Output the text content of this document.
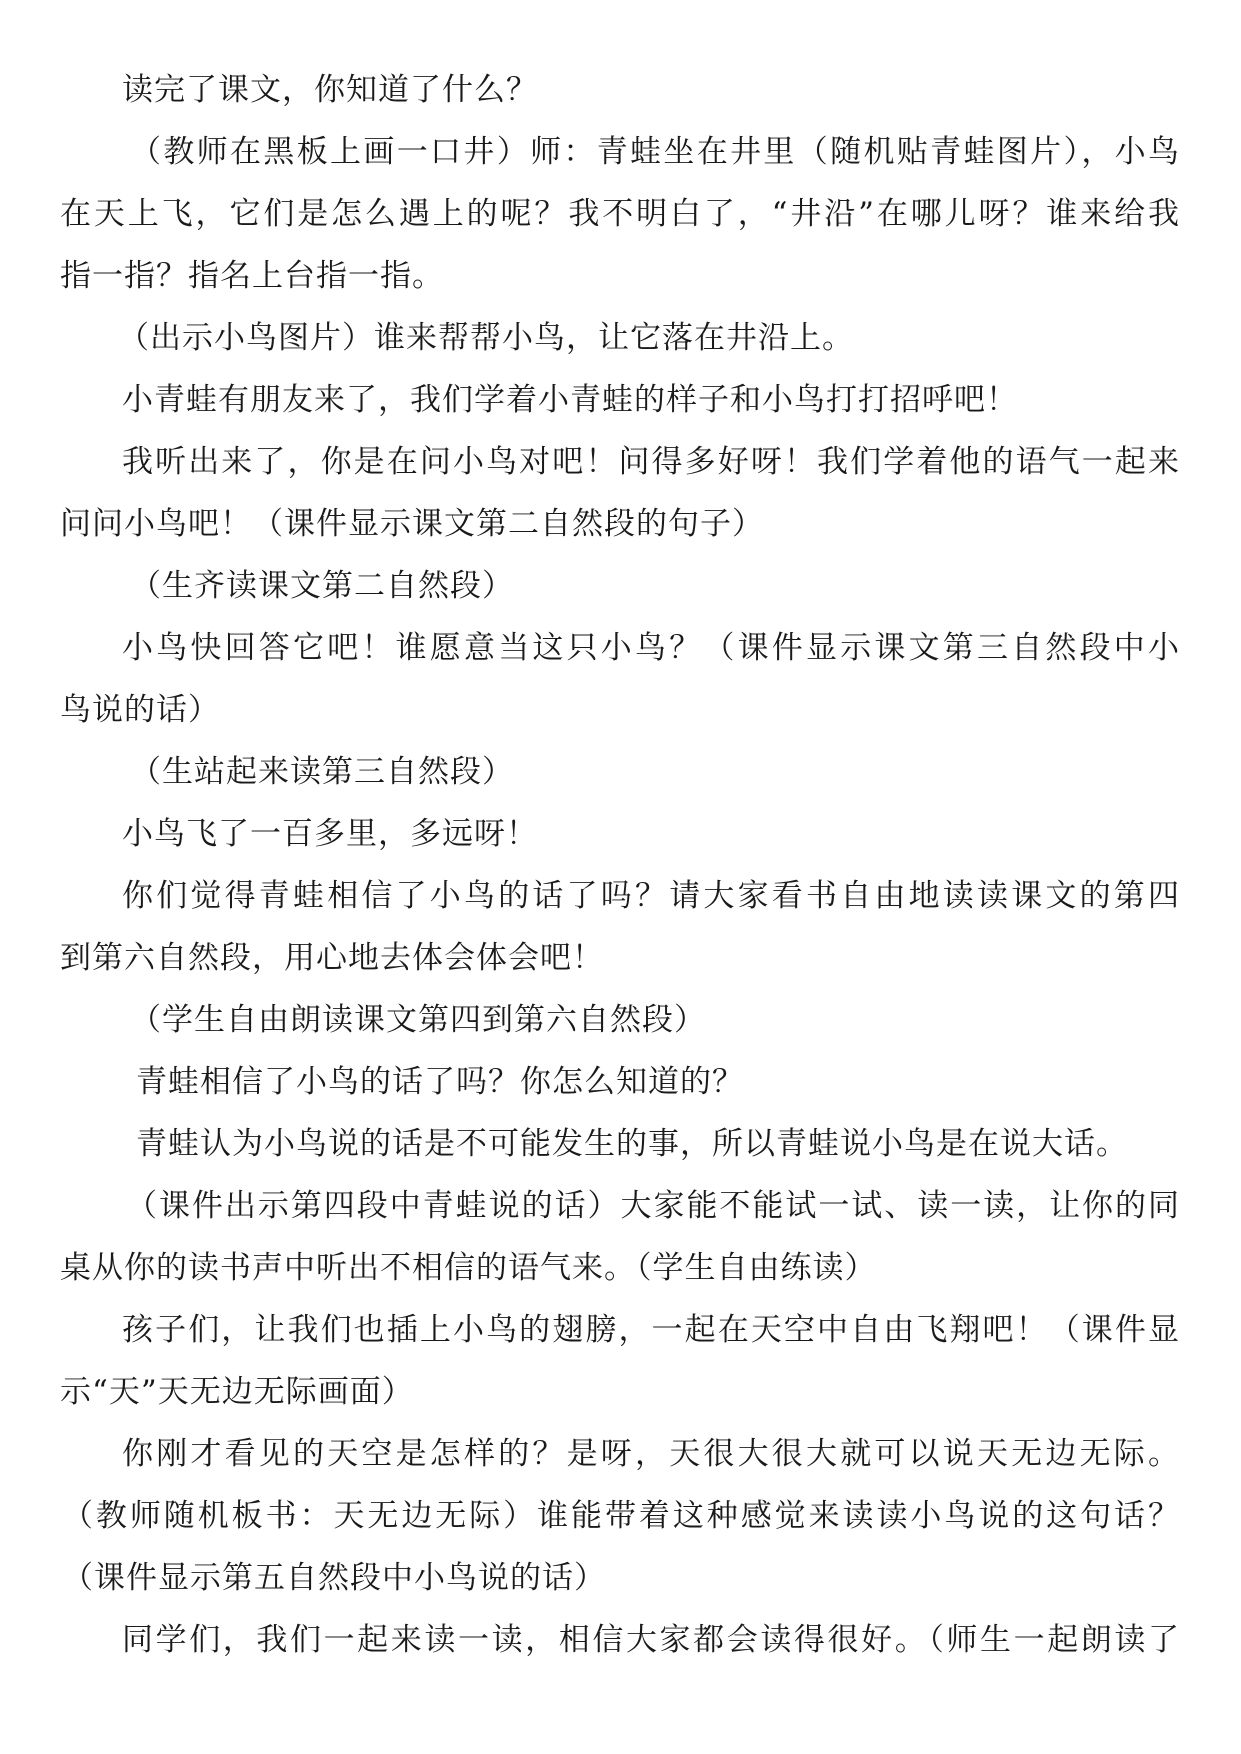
读完了课文，你知道了什么？
（教师在黑板上画一口井）师：青蛙坐在井里（随机贴青蛙图片），小鸟
在天上飞，它们是怎么遇上的呢？我不明白了，“井沿”在哪儿呀？谁来给我
指一指？指名上台指一指。
（出示小鸟图片）谁来帮帮小鸟，让它落在井沿上。
小青蛙有朋友来了，我们学着小青蛙的样子和小鸟打打招呼吧！
我听出来了，你是在问小鸟对吧！问得多好呀！我们学着他的语气一起来
问问小鸟吧！（课件显示课文第二自然段的句子）
（生齐读课文第二自然段）
小鸟快回答它吧！谁愿意当这只小鸟？（课件显示课文第三自然段中小
鸟说的话）
（生站起来读第三自然段）
小鸟飞了一百多里，多远呀！
你们觉得青蛙相信了小鸟的话了吗？请大家看书自由地读读课文的第四
到第六自然段，用心地去体会体会吧！
（学生自由朗读课文第四到第六自然段）
青蛙相信了小鸟的话了吗？你怎么知道的？
青蛙认为小鸟说的话是不可能发生的事，所以青蛙说小鸟是在说大话。
（课件出示第四段中青蛙说的话）大家能不能试一试、读一读，让你的同
桌从你的读书声中听出不相信的语气来。（学生自由练读）
孩子们，让我们也插上小鸟的翅膀，一起在天空中自由飞翔吧！（课件显
示“天”天无边无际画面）
你刚才看见的天空是怎样的？是呀，天很大很大就可以说天无边无际。
（教师随机板书：天无边无际）谁能带着这种感觉来读读小鸟说的这句话？
（课件显示第五自然段中小鸟说的话）
同学们，我们一起来读一读，相信大家都会读得很好。（师生一起朗读了
